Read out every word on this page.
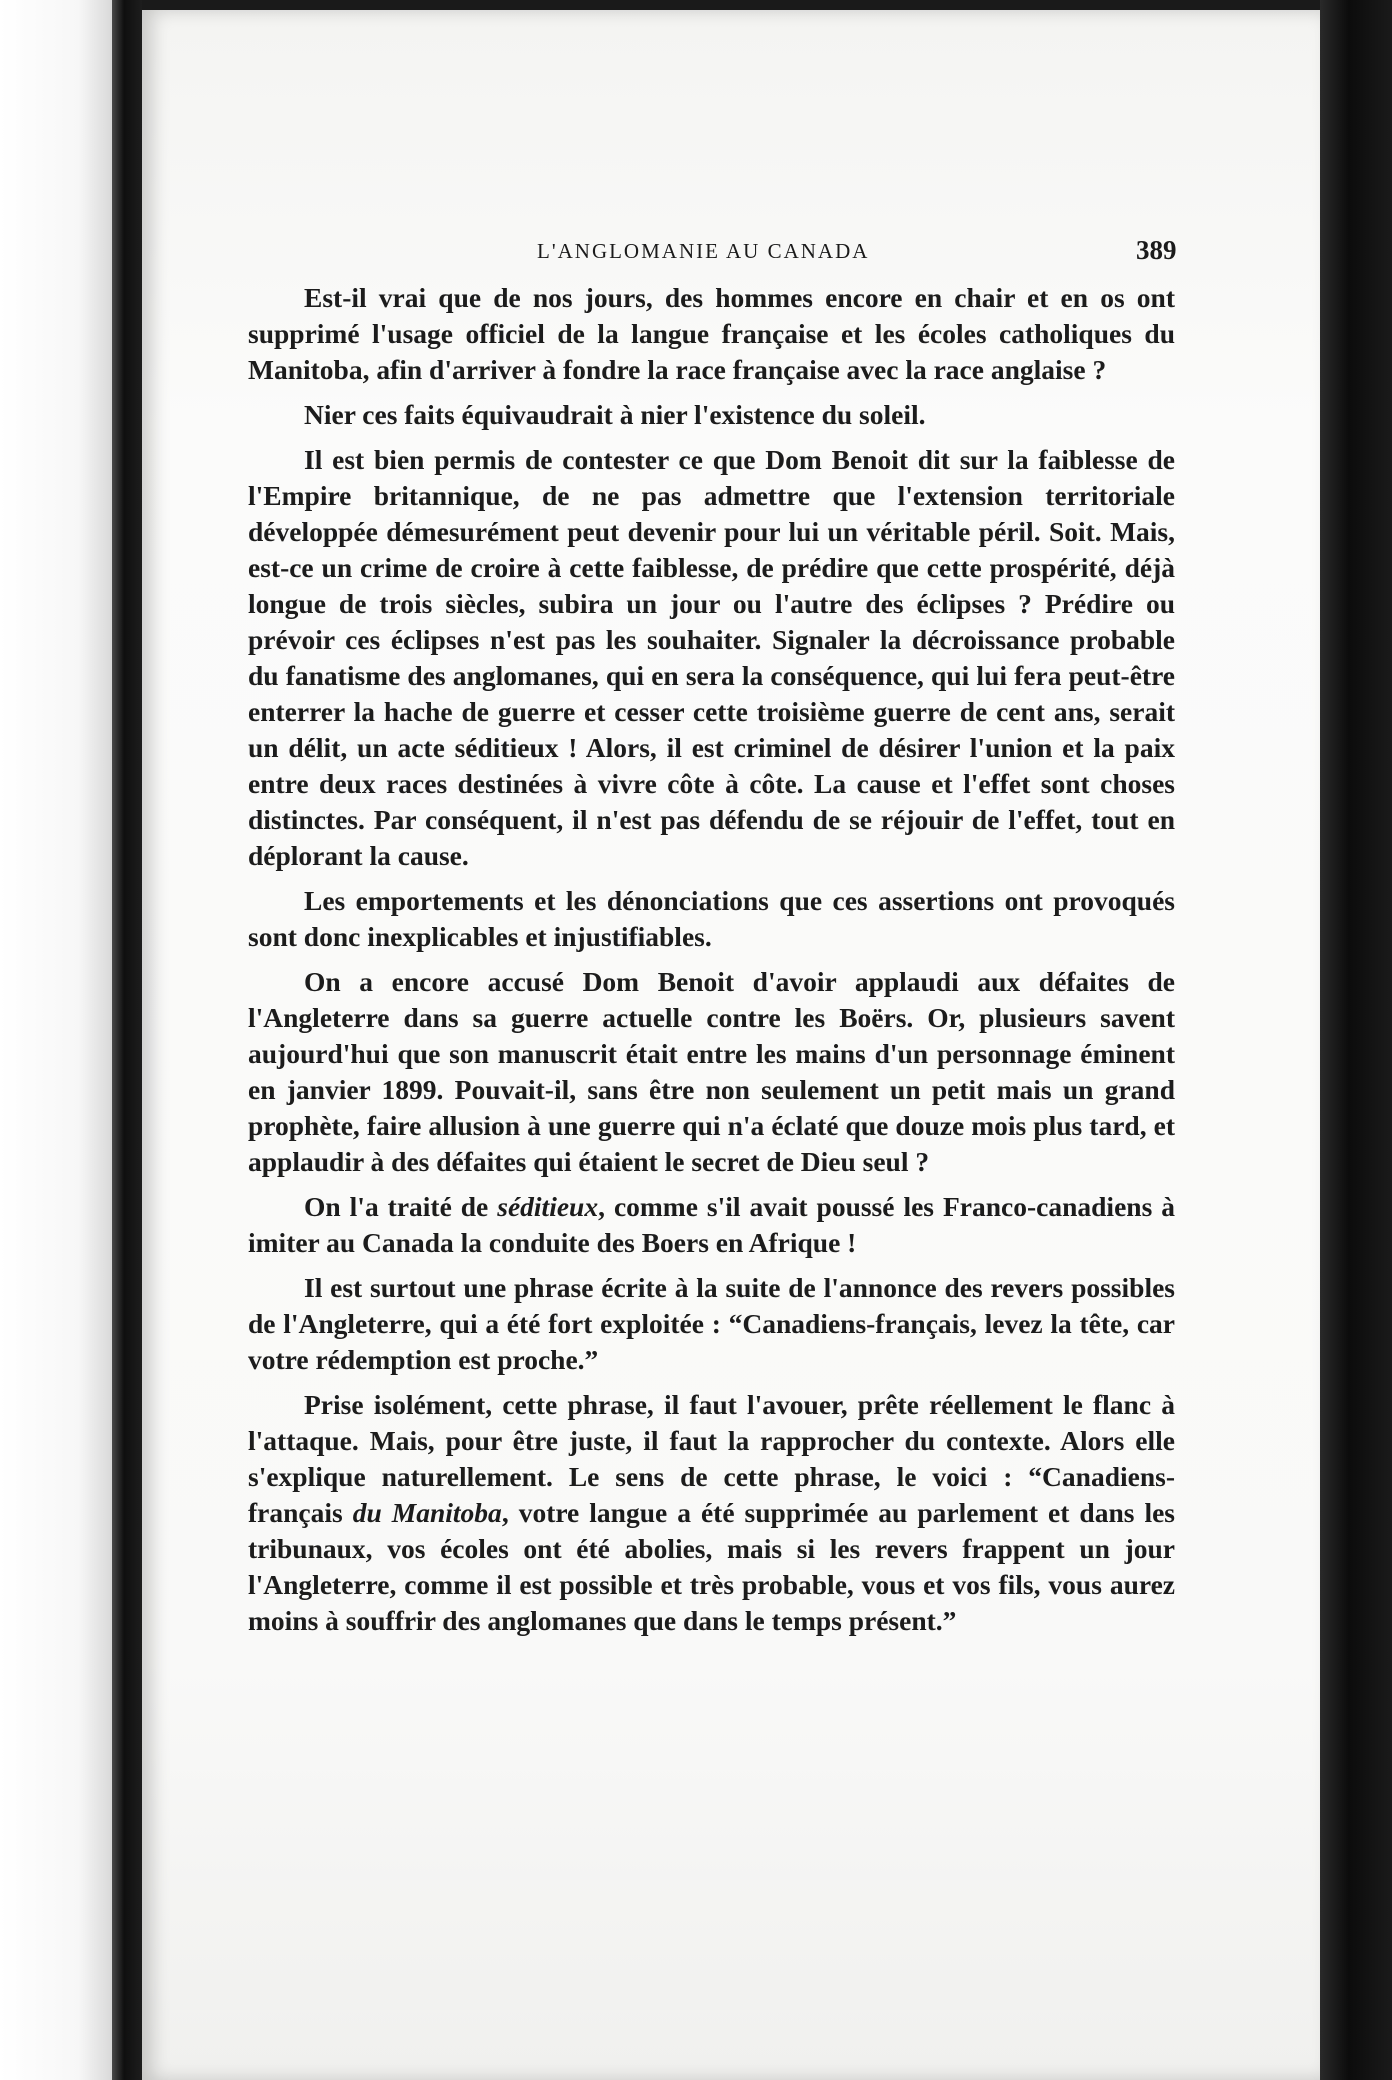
L'ANGLOMANIE AU CANADA	389

Est-il vrai que de nos jours, des hommes encore en chair et en os ont supprimé l'usage officiel de la langue française et les écoles catholiques du Manitoba, afin d'arriver à fondre la race française avec la race anglaise ?

Nier ces faits équivaudrait à nier l'existence du soleil.

Il est bien permis de contester ce que Dom Benoit dit sur la faiblesse de l'Empire britannique, de ne pas admettre que l'extension territoriale développée démesurément peut devenir pour lui un véritable péril. Soit. Mais, est-ce un crime de croire à cette faiblesse, de prédire que cette prospérité, déjà longue de trois siècles, subira un jour ou l'autre des éclipses ? Prédire ou prévoir ces éclipses n'est pas les souhaiter. Signaler la décroissance probable du fanatisme des anglomanes, qui en sera la conséquence, qui lui fera peut-être enterrer la hache de guerre et cesser cette troisième guerre de cent ans, serait un délit, un acte séditieux ! Alors, il est criminel de désirer l'union et la paix entre deux races destinées à vivre côte à côte. La cause et l'effet sont choses distinctes. Par conséquent, il n'est pas défendu de se réjouir de l'effet, tout en déplorant la cause.

Les emportements et les dénonciations que ces assertions ont provoqués sont donc inexplicables et injustifiables.

On a encore accusé Dom Benoit d'avoir applaudi aux défaites de l'Angleterre dans sa guerre actuelle contre les Boërs. Or, plusieurs savent aujourd'hui que son manuscrit était entre les mains d'un personnage éminent en janvier 1899. Pouvait-il, sans être non seulement un petit mais un grand prophète, faire allusion à une guerre qui n'a éclaté que douze mois plus tard, et applaudir à des défaites qui étaient le secret de Dieu seul ?

On l'a traité de séditieux, comme s'il avait poussé les Franco-canadiens à imiter au Canada la conduite des Boers en Afrique !

Il est surtout une phrase écrite à la suite de l'annonce des revers possibles de l'Angleterre, qui a été fort exploitée : “Canadiens-français, levez la tête, car votre rédemption est proche.”

Prise isolément, cette phrase, il faut l'avouer, prête réellement le flanc à l'attaque. Mais, pour être juste, il faut la rapprocher du contexte. Alors elle s'explique naturellement. Le sens de cette phrase, le voici : “Canadiens-français du Manitoba, votre langue a été supprimée au parlement et dans les tribunaux, vos écoles ont été abolies, mais si les revers frappent un jour l'Angleterre, comme il est possible et très probable, vous et vos fils, vous aurez moins à souffrir des anglomanes que dans le temps présent.”
